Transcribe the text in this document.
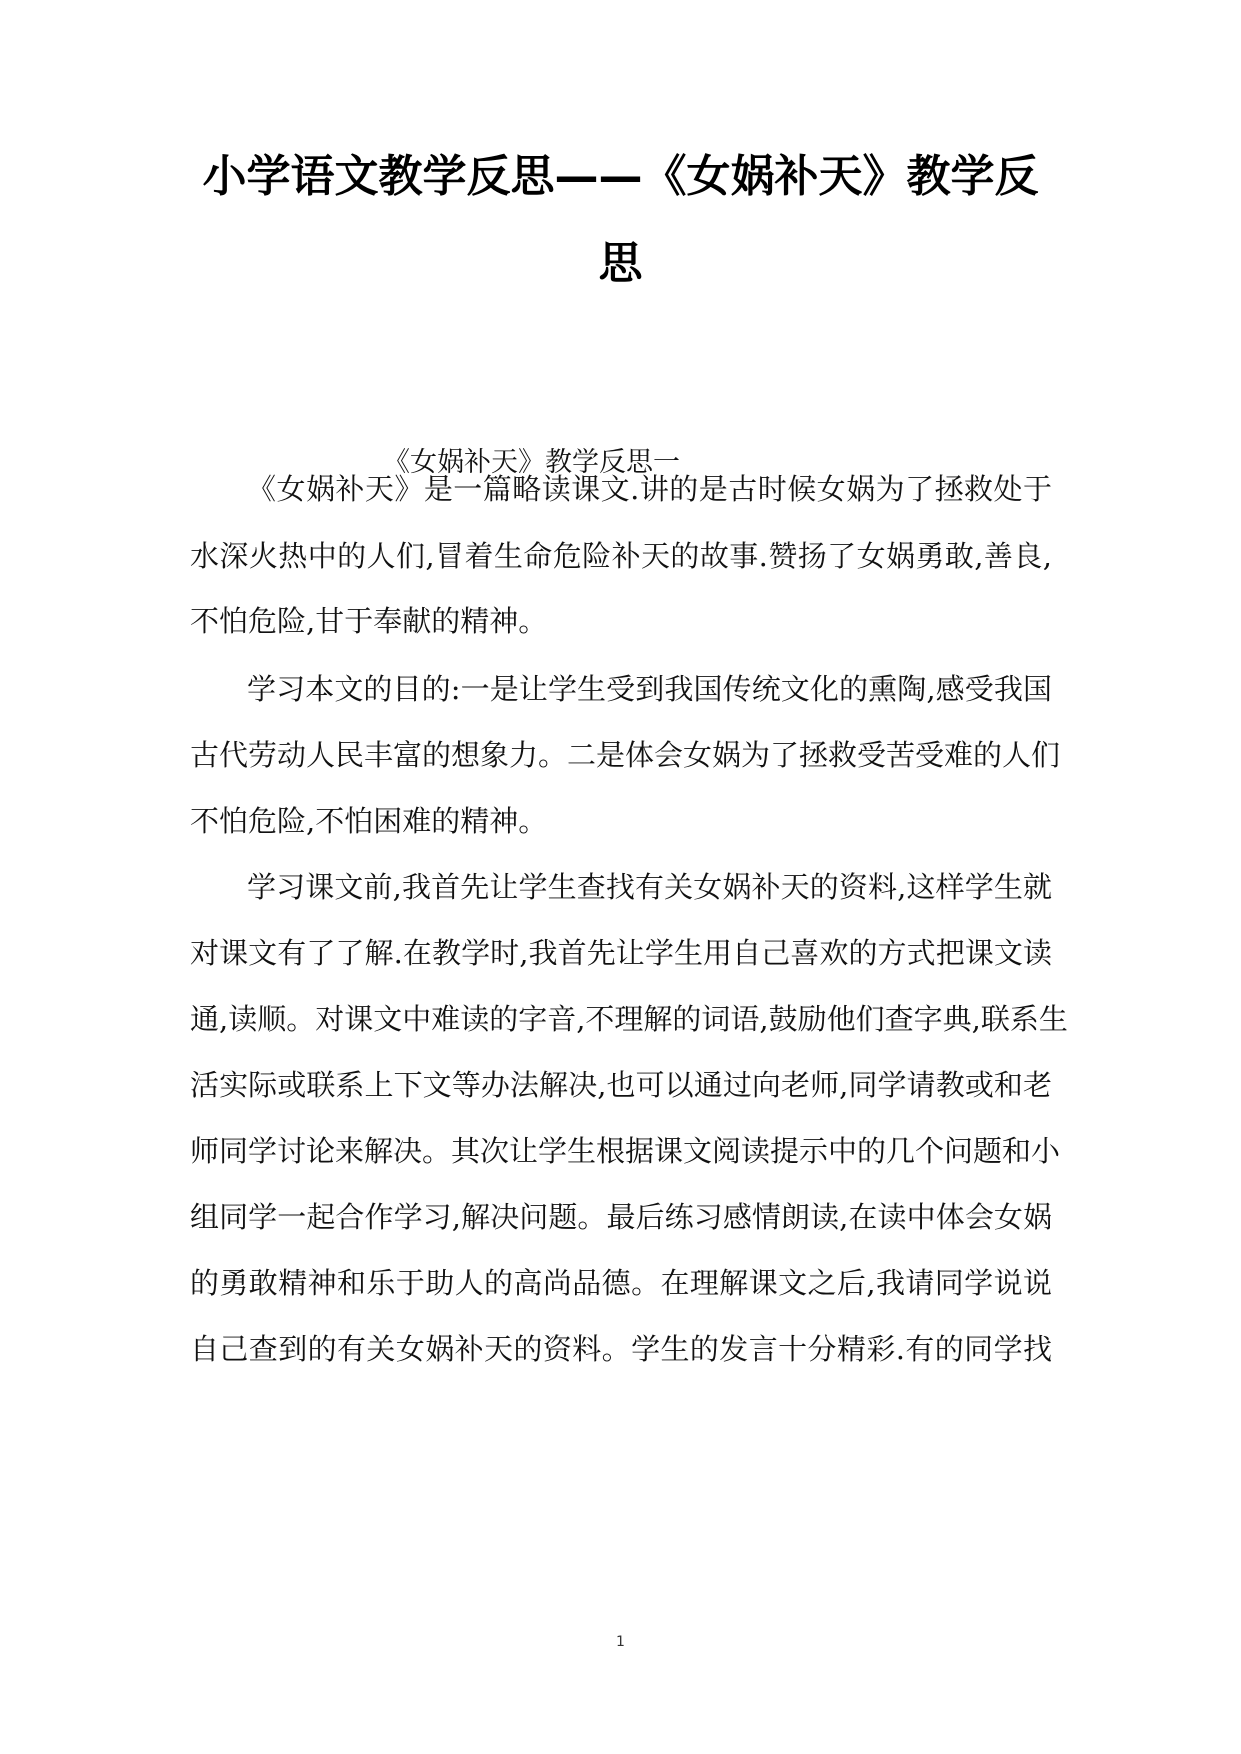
小学语文教学反思——《女娲补天》教学反
思
《女娲补天》教学反思一
《女娲补天》是一篇略读课文.讲的是古时候女娲为了拯救处于
水深火热中的人们,冒着生命危险补天的故事.赞扬了女娲勇敢,善良,
不怕危险,甘于奉献的精神。
学习本文的目的:一是让学生受到我国传统文化的熏陶,感受我国
古代劳动人民丰富的想象力。二是体会女娲为了拯救受苦受难的人们
不怕危险,不怕困难的精神。
学习课文前,我首先让学生查找有关女娲补天的资料,这样学生就
对课文有了了解.在教学时,我首先让学生用自己喜欢的方式把课文读
通,读顺。对课文中难读的字音,不理解的词语,鼓励他们查字典,联系生
活实际或联系上下文等办法解决,也可以通过向老师,同学请教或和老
师同学讨论来解决。其次让学生根据课文阅读提示中的几个问题和小
组同学一起合作学习,解决问题。最后练习感情朗读,在读中体会女娲
的勇敢精神和乐于助人的高尚品德。在理解课文之后,我请同学说说
自己查到的有关女娲补天的资料。学生的发言十分精彩.有的同学找
1
